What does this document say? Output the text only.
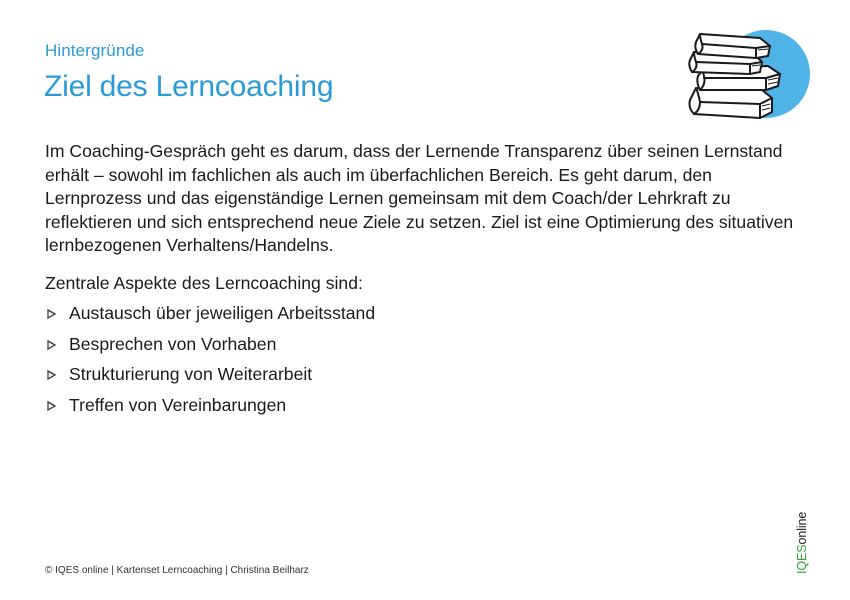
Hintergründe
Ziel des Lerncoaching

Im Coaching-Gespräch geht es darum, dass der Lernende Transparenz über seinen Lernstand erhält – sowohl im fachlichen als auch im überfachlichen Bereich. Es geht darum, den Lernprozess und das eigenständige Lernen gemeinsam mit dem Coach/der Lehrkraft zu reflektieren und sich entsprechend neue Ziele zu setzen. Ziel ist eine Optimierung des situativen lernbezogenen Verhaltens/Handelns.

Zentrale Aspekte des Lerncoaching sind:

Austausch über jeweiligen Arbeitsstand
Besprechen von Vorhaben
Strukturierung von Weiterarbeit
Treffen von Vereinbarungen
© IQES online | Kartenset Lerncoaching | Christina Beilharz	IQESonline
